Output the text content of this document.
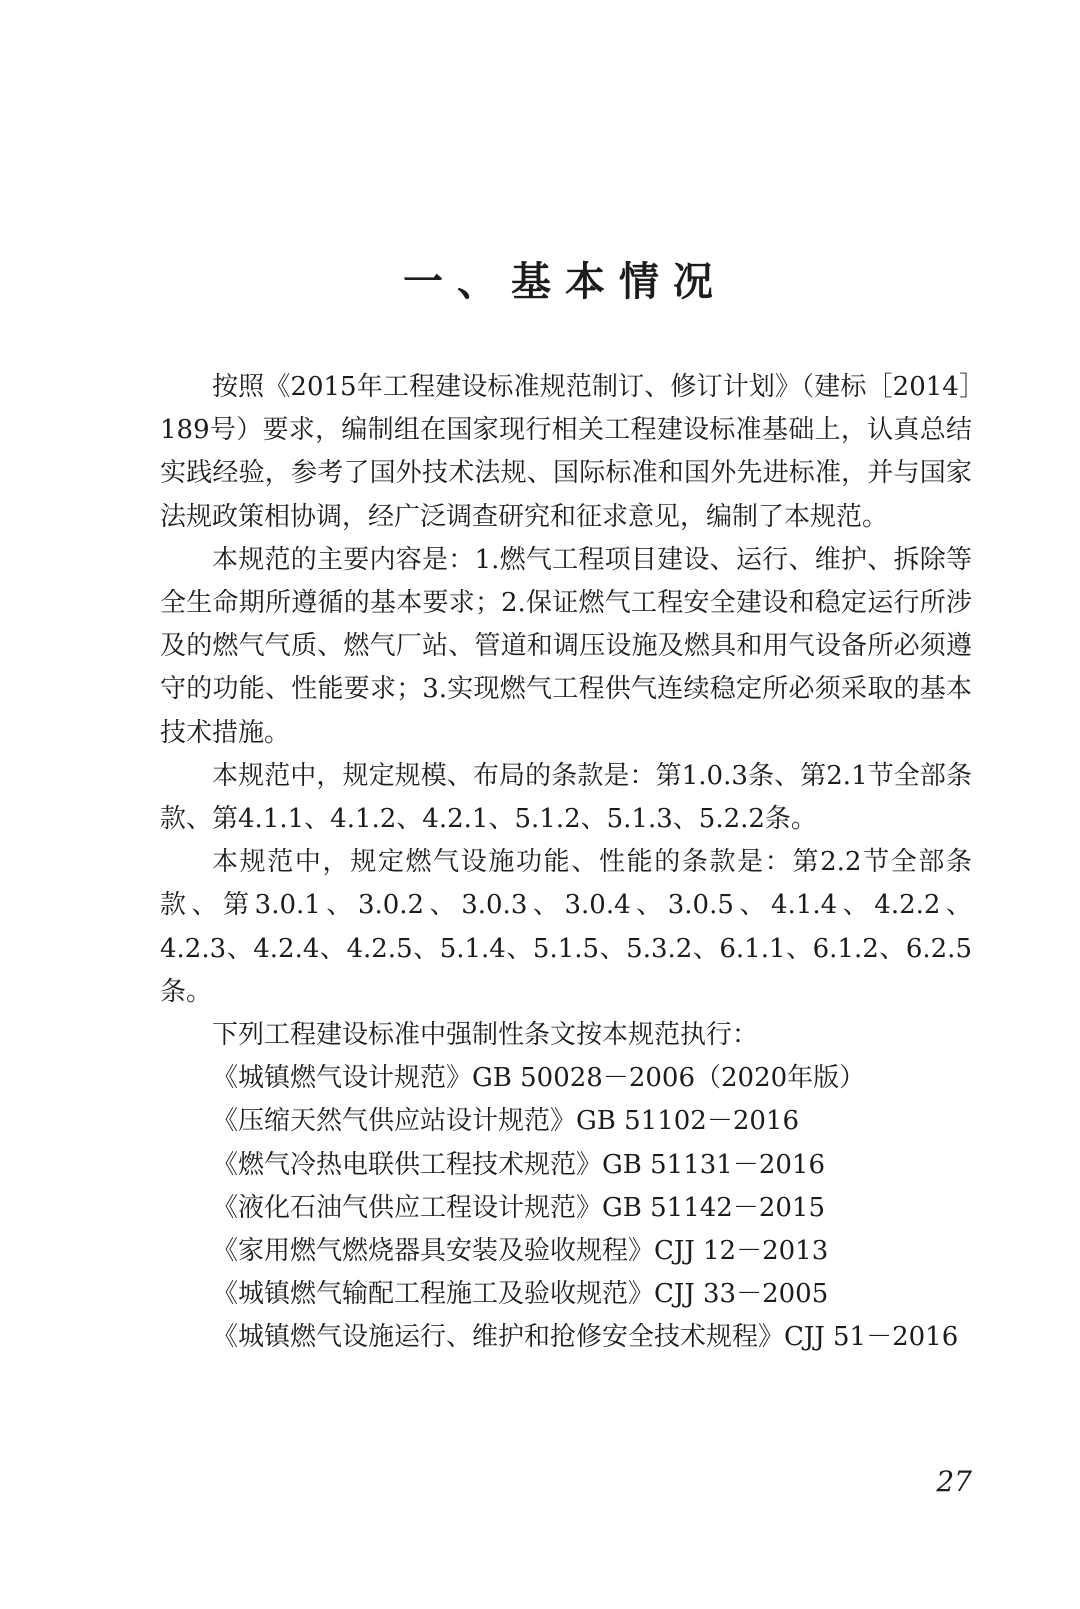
一、基本情况

按照《2015年工程建设标准规范制订、修订计划》（建标［2014］189号）要求，编制组在国家现行相关工程建设标准基础上，认真总结实践经验，参考了国外技术法规、国际标准和国外先进标准，并与国家法规政策相协调，经广泛调查研究和征求意见，编制了本规范。

本规范的主要内容是：1.燃气工程项目建设、运行、维护、拆除等全生命期所遵循的基本要求；2.保证燃气工程安全建设和稳定运行所涉及的燃气气质、燃气厂站、管道和调压设施及燃具和用气设备所必须遵守的功能、性能要求；3.实现燃气工程供气连续稳定所必须采取的基本技术措施。

本规范中，规定规模、布局的条款是：第1.0.3条、第2.1节全部条款、第4.1.1、4.1.2、4.2.1、5.1.2、5.1.3、5.2.2条。

本规范中，规定燃气设施功能、性能的条款是：第2.2节全部条款、第3.0.1、3.0.2、3.0.3、3.0.4、3.0.5、4.1.4、4.2.2、4.2.3、4.2.4、4.2.5、5.1.4、5.1.5、5.3.2、6.1.1、6.1.2、6.2.5条。

下列工程建设标准中强制性条文按本规范执行：

《城镇燃气设计规范》GB 50028－2006（2020年版）
《压缩天然气供应站设计规范》GB 51102－2016
《燃气冷热电联供工程技术规范》GB 51131－2016
《液化石油气供应工程设计规范》GB 51142－2015
《家用燃气燃烧器具安装及验收规程》CJJ 12－2013
《城镇燃气输配工程施工及验收规范》CJJ 33－2005
《城镇燃气设施运行、维护和抢修安全技术规程》CJJ 51－2016
27
